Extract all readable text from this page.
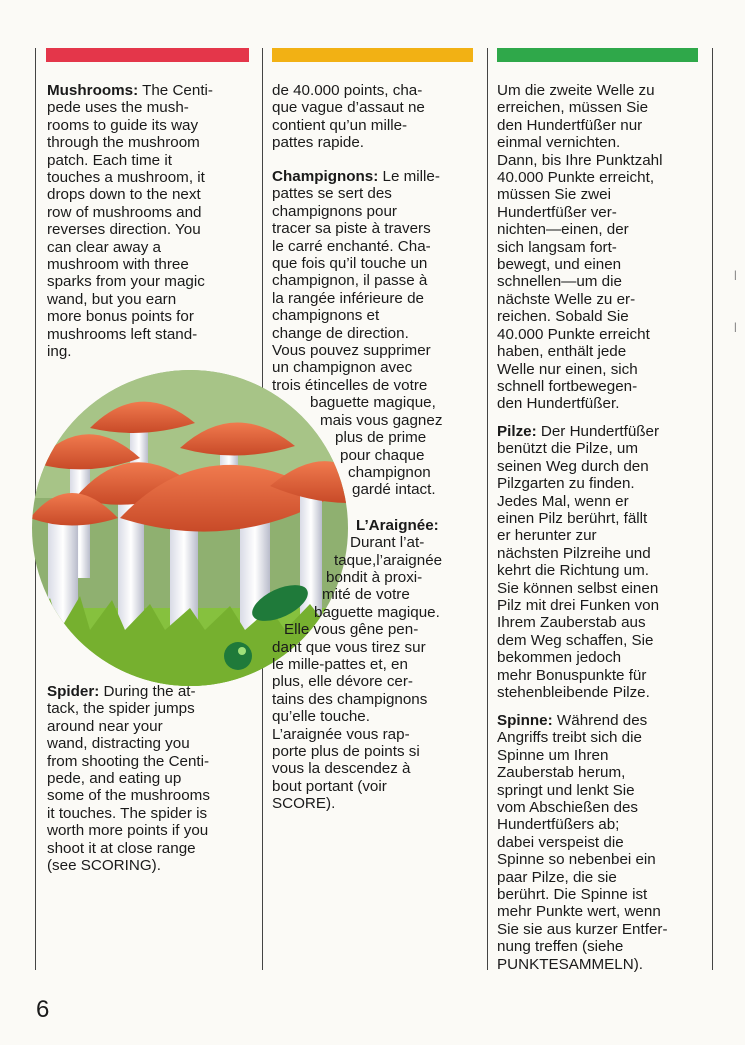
Mushrooms: The Centi-
pede uses the mush-
rooms to guide its way
through the mushroom
patch. Each time it
touches a mushroom, it
drops down to the next
row of mushrooms and
reverses direction. You
can clear away a
mushroom with three
sparks from your magic
wand, but you earn
more bonus points for
mushrooms left stand-
ing.
Spider: During the at-
tack, the spider jumps
around near your
wand, distracting you
from shooting the Centi-
pede, and eating up
some of the mushrooms
it touches. The spider is
worth more points if you
shoot it at close range
(see SCORING).
de 40.000 points, cha-
que vague d’assaut ne
contient qu’un mille-
pattes rapide.
Champignons: Le mille-
pattes se sert des
champignons pour
tracer sa piste à travers
le carré enchanté. Cha-
que fois qu’il touche un
champignon, il passe à
la rangée inférieure de
champignons et
change de direction.
Vous pouvez supprimer
un champignon avec
trois étincelles de votre
baguette magique,
mais vous gagnez
plus de prime
pour chaque
champignon
gardé intact.
L’Araignée:
Durant l’at-
taque,l’araignée
bondit à proxi-
mité de votre
baguette magique.
Elle vous gêne pen-
dant que vous tirez sur
le mille-pattes et, en
plus, elle dévore cer-
tains des champignons
qu’elle touche.
L’araignée vous rap-
porte plus de points si
vous la descendez à
bout portant (voir
SCORE).
Um die zweite Welle zu
erreichen, müssen Sie
den Hundertfüßer nur
einmal vernichten.
Dann, bis Ihre Punktzahl
40.000 Punkte erreicht,
müssen Sie zwei
Hundertfüßer ver-
nichten—einen, der
sich langsam fort-
bewegt, und einen
schnellen—um die
nächste Welle zu er-
reichen. Sobald Sie
40.000 Punkte erreicht
haben, enthält jede
Welle nur einen, sich
schnell fortbewegen-
den Hundertfüßer.
Pilze: Der Hundertfüßer
benützt die Pilze, um
seinen Weg durch den
Pilzgarten zu finden.
Jedes Mal, wenn er
einen Pilz berührt, fällt
er herunter zur
nächsten Pilzreihe und
kehrt die Richtung um.
Sie können selbst einen
Pilz mit drei Funken von
Ihrem Zauberstab aus
dem Weg schaffen, Sie
bekommen jedoch
mehr Bonuspunkte für
stehenbleibende Pilze.
Spinne: Während des
Angriffs treibt sich die
Spinne um Ihren
Zauberstab herum,
springt und lenkt Sie
vom Abschießen des
Hundertfüßers ab;
dabei verspeist die
Spinne so nebenbei ein
paar Pilze, die sie
berührt. Die Spinne ist
mehr Punkte wert, wenn
Sie sie aus kurzer Entfer-
nung treffen (siehe
PUNKTESAMMELN).
6
|
|
